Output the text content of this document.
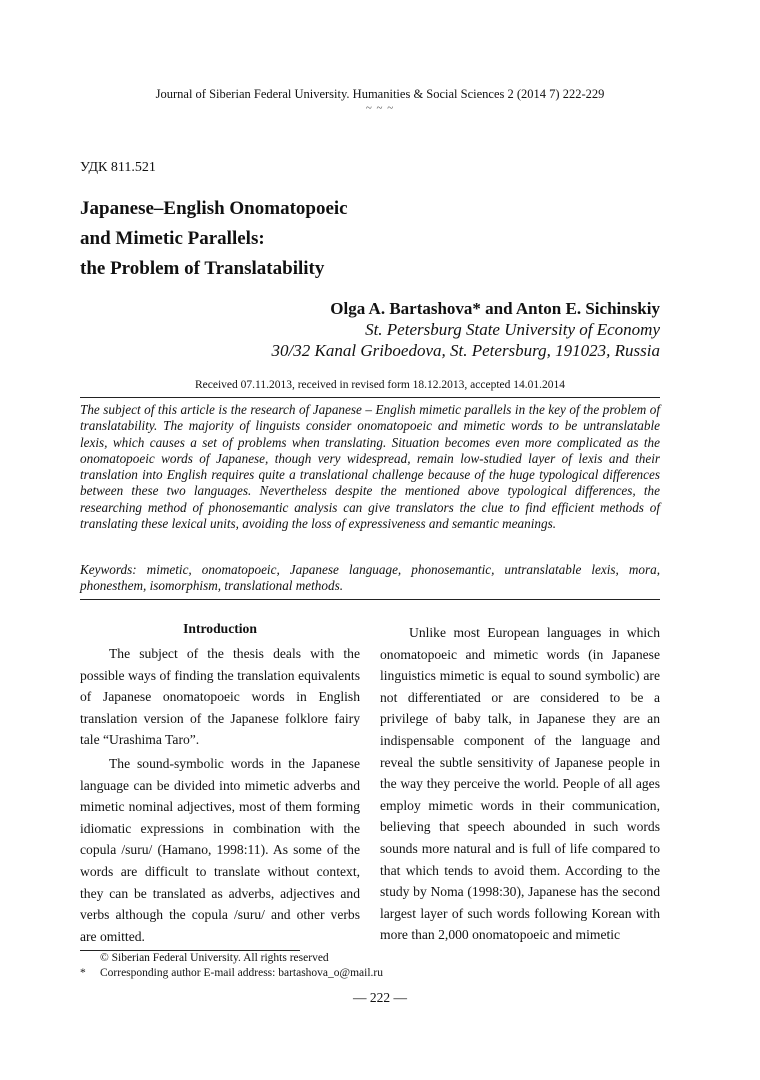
Journal of Siberian Federal University. Humanities & Social Sciences 2 (2014 7) 222-229
~ ~ ~
УДК 811.521
Japanese–English Onomatopoeic
and Mimetic Parallels:
the Problem of Translatability
Olga A. Bartashova* and Anton E. Sichinskiy
St. Petersburg State University of Economy
30/32 Kanal Griboedova, St. Petersburg, 191023, Russia
Received 07.11.2013, received in revised form 18.12.2013, accepted 14.01.2014
The subject of this article is the research of Japanese – English mimetic parallels in the key of the problem of translatability. The majority of linguists consider onomatopoeic and mimetic words to be untranslatable lexis, which causes a set of problems when translating. Situation becomes even more complicated as the onomatopoeic words of Japanese, though very widespread, remain low-studied layer of lexis and their translation into English requires quite a translational challenge because of the huge typological differences between these two languages. Nevertheless despite the mentioned above typological differences, the researching method of phonosemantic analysis can give translators the clue to find efficient methods of translating these lexical units, avoiding the loss of expressiveness and semantic meanings.
Keywords: mimetic, onomatopoeic, Japanese language, phonosemantic, untranslatable lexis, mora, phonesthem, isomorphism, translational methods.
Introduction

The subject of the thesis deals with the possible ways of finding the translation equivalents of Japanese onomatopoeic words in English translation version of the Japanese folklore fairy tale “Urashima Taro”.

The sound-symbolic words in the Japanese language can be divided into mimetic adverbs and mimetic nominal adjectives, most of them forming idiomatic expressions in combination with the copula /suru/ (Hamano, 1998:11). As some of the words are difficult to translate without context, they can be translated as adverbs, adjectives and verbs although the copula /suru/ and other verbs are omitted.

Unlike most European languages in which onomatopoeic and mimetic words (in Japanese linguistics mimetic is equal to sound symbolic) are not differentiated or are considered to be a privilege of baby talk, in Japanese they are an indispensable component of the language and reveal the subtle sensitivity of Japanese people in the way they perceive the world. People of all ages employ mimetic words in their communication, believing that speech abounded in such words sounds more natural and is full of life compared to that which tends to avoid them. According to the study by Noma (1998:30), Japanese has the second largest layer of such words following Korean with more than 2,000 onomatopoeic and mimetic

© Siberian Federal University. All rights reserved
* Corresponding author E-mail address: bartashova_o@mail.ru
— 222 —
